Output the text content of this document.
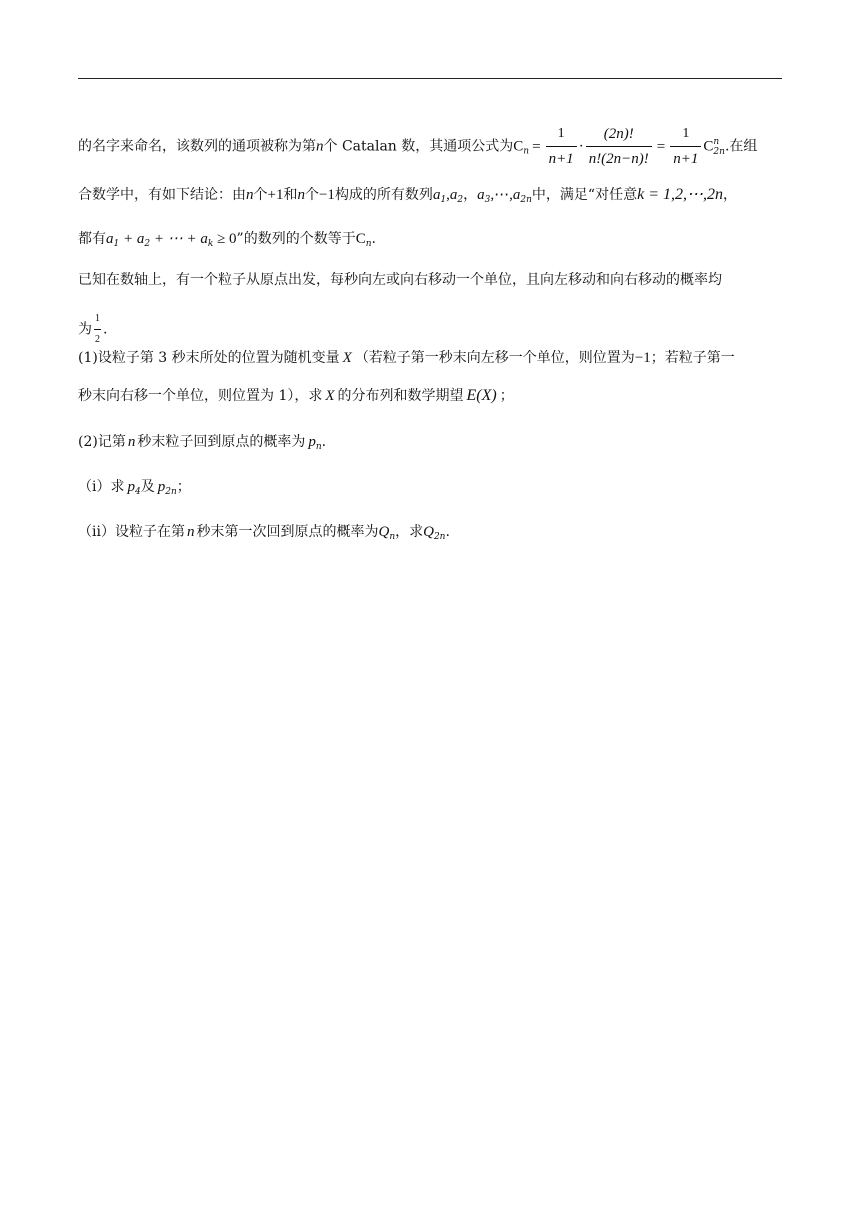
的名字来命名，该数列的通项被称为第n个 Catalan 数，其通项公式为$C_n = \frac{1}{n+1} \cdot \frac{(2n)!}{n!(2n-n)!} = \frac{1}{n+1}$ C n
2n .在组
合数学中，有如下结论：由n个+1和n个−1构成的所有数列$a_1,a_2$，$a_3,\cdots,a_{2n}$中，满足“对任意k = 1,2,⋯,2n，
都有$a_1 + a_2$ + ⋯ + $a_k \ge 0$”的数列的个数等于$C_n$.
已知在数轴上，有一个粒子从原点出发，每秒向左或向右移动一个单位，且向左移动和向右移动的概率均
为 $\frac{1}{2}$ .
(1)设粒子第 3 秒末所处的位置为随机变量 X （若粒子第一秒末向左移一个单位，则位置为−1；若粒子第一
秒末向右移一个单位，则位置为 1），求 X 的分布列和数学期望 E(X) ；
(2)记第 n 秒末粒子回到原点的概率为 $p_n$.
（i）求 $p_4$及 $p_{2n}$；
（ii）设粒子在第 n 秒末第一次回到原点的概率为$Q_n$，求$Q_{2n}$.
